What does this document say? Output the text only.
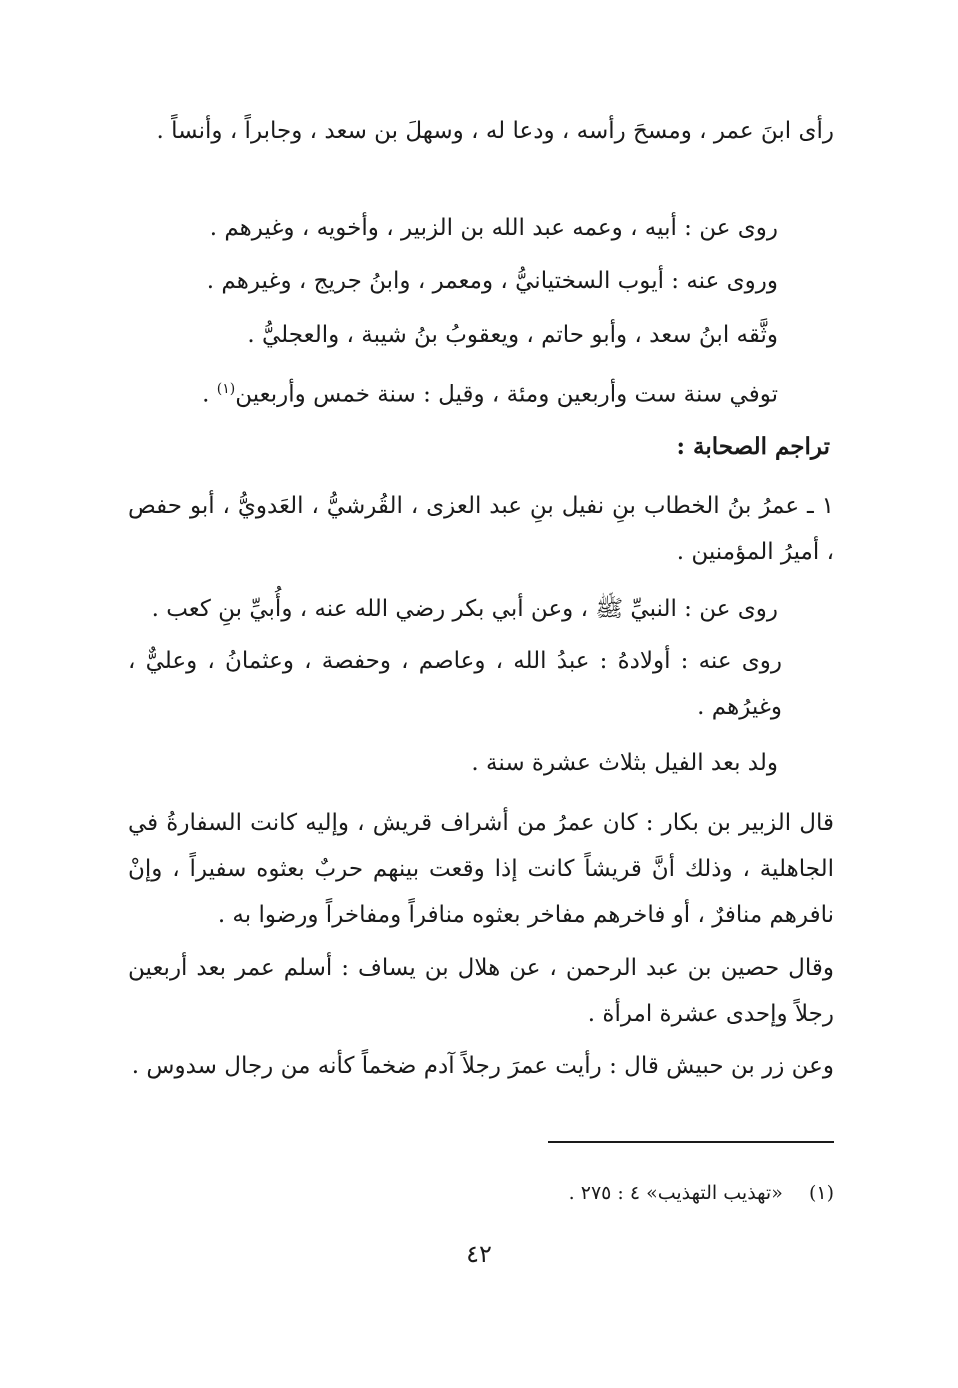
رأى ابنَ عمر ، ومسحَ رأسه ، ودعا له ، وسهلَ بن سعد ، وجابراً ، وأنساً .
روى عن : أبيه ، وعمه عبد الله بن الزبير ، وأخويه ، وغيرهم .
وروى عنه : أيوب السختيانيُّ ، ومعمر ، وابنُ جريج ، وغيرهم .
وثَّقه ابنُ سعد ، وأبو حاتم ، ويعقوبُ بنُ شيبة ، والعجليُّ .
توفي سنة ست وأربعين ومئة ، وقيل : سنة خمس وأربعين$^{(١)}$ .
تراجم الصحابة :
١ ـ عمرُ بنُ الخطاب بنِ نفيل بنِ عبد العزى ، القُرشيُّ ، العَدويُّ ، أبو حفص ، أميرُ المؤمنين .
روى عن : النبيِّ ﷺ ، وعن أبي بكر رضي الله عنه ، وأُبيِّ بنِ كعب .
روى عنه : أولادهُ : عبدُ الله ، وعاصم ، وحفصة ، وعثمانُ ، وعليٌّ ، وغيرُهم .
ولد بعد الفيل بثلاث عشرة سنة .
قال الزبير بن بكار : كان عمرُ من أشراف قريش ، وإليه كانت السفارةُ في الجاهلية ، وذلك أنَّ قريشاً كانت إذا وقعت بينهم حربٌ بعثوه سفيراً ، وإنْ نافرهم منافرٌ ، أو فاخرهم مفاخر بعثوه منافراً ومفاخراً ورضوا به .
وقال حصين بن عبد الرحمن ، عن هلال بن يساف : أسلم عمر بعد أربعين رجلاً وإحدى عشرة امرأة .
وعن زر بن حبيش قال : رأيت عمرَ رجلاً آدم ضخماً كأنه من رجال سدوس .
(١)  «تهذيب التهذيب» ٤ : ٢٧٥ .
٤٢
